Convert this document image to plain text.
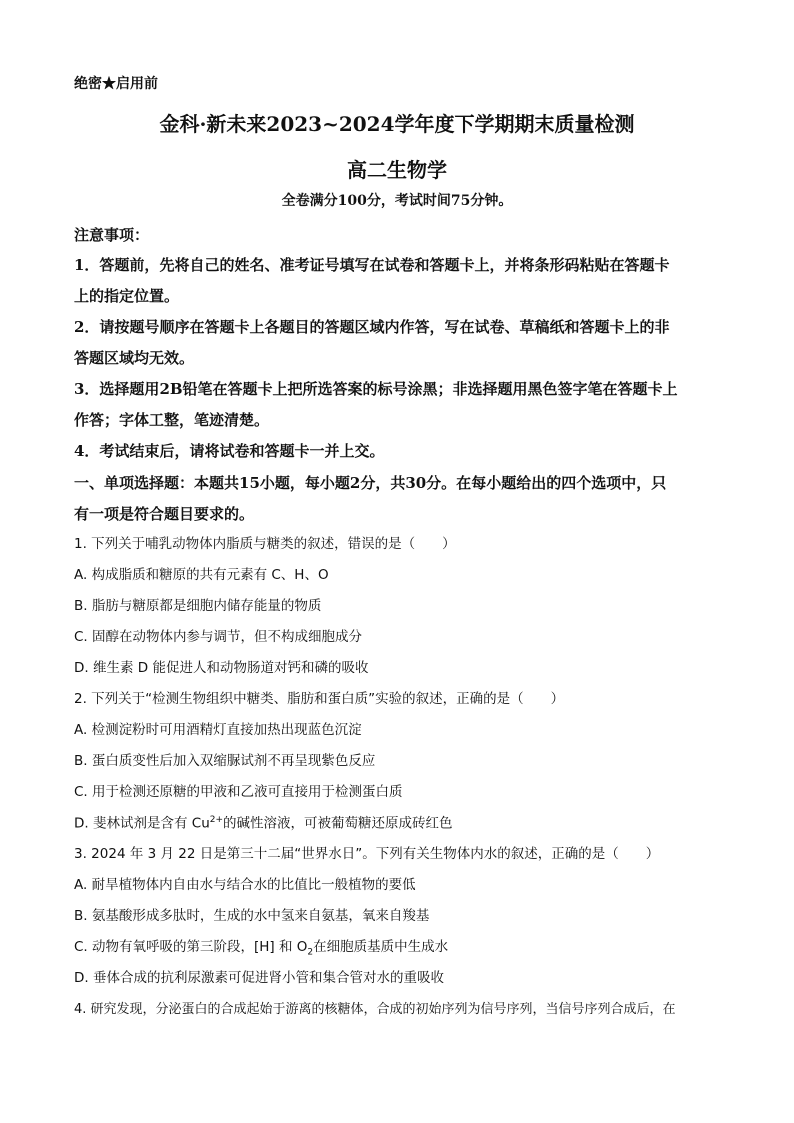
绝密★启用前
金科·新未来2023~2024学年度下学期期末质量检测
高二生物学
全卷满分100分，考试时间75分钟。
注意事项：
1．答题前，先将自己的姓名、准考证号填写在试卷和答题卡上，并将条形码粘贴在答题卡
上的指定位置。
2．请按题号顺序在答题卡上各题目的答题区域内作答，写在试卷、草稿纸和答题卡上的非
答题区域均无效。
3．选择题用2B铅笔在答题卡上把所选答案的标号涂黑；非选择题用黑色签字笔在答题卡上
作答；字体工整，笔迹清楚。
4．考试结束后，请将试卷和答题卡一并上交。
一、单项选择题：本题共15小题，每小题2分，共30分。在每小题给出的四个选项中，只
有一项是符合题目要求的。
1. 下列关于哺乳动物体内脂质与糖类的叙述，错误的是（　　）
A. 构成脂质和糖原的共有元素有 C、H、O
B. 脂肪与糖原都是细胞内储存能量的物质
C. 固醇在动物体内参与调节，但不构成细胞成分
D. 维生素 D 能促进人和动物肠道对钙和磷的吸收
2. 下列关于“检测生物组织中糖类、脂肪和蛋白质”实验的叙述，正确的是（　　）
A. 检测淀粉时可用酒精灯直接加热出现蓝色沉淀
B. 蛋白质变性后加入双缩脲试剂不再呈现紫色反应
C. 用于检测还原糖的甲液和乙液可直接用于检测蛋白质
D. 斐林试剂是含有 $Cu^{2+}$的碱性溶液，可被葡萄糖还原成砖红色
3. 2024 年 3 月 22 日是第三十二届“世界水日”。下列有关生物体内水的叙述，正确的是（　　）
A. 耐旱植物体内自由水与结合水的比值比一般植物的要低
B. 氨基酸形成多肽时，生成的水中氢来自氨基，氧来自羧基
C. 动物有氧呼吸的第三阶段，[H] 和 $O_2$在细胞质基质中生成水
D. 垂体合成的抗利尿激素可促进肾小管和集合管对水的重吸收
4. 研究发现，分泌蛋白的合成起始于游离的核糖体，合成的初始序列为信号序列，当信号序列合成后，在
